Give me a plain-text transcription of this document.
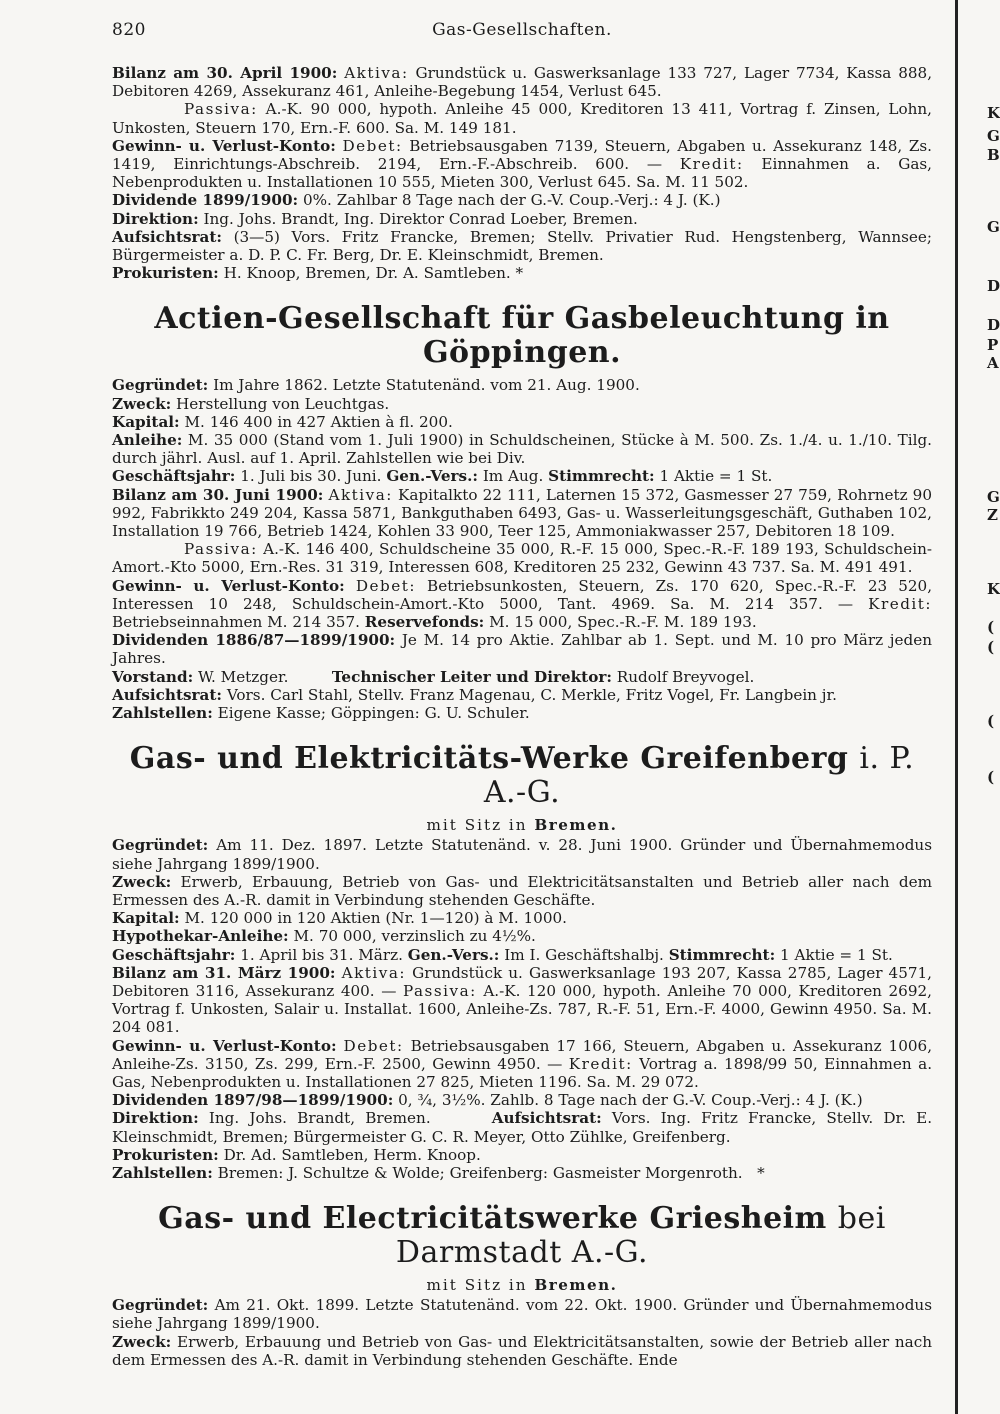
820	Gas-Gesellschaften.
K
G
B
G
D
D
P
A
G
Z
K
(
(
(
(

Bilanz am 30. April 1900: Aktiva: Grundstück u. Gaswerksanlage 133 727, Lager 7734, Kassa 888, Debitoren 4269, Assekuranz 461, Anleihe-Begebung 1454, Verlust 645.

Passiva: A.-K. 90 000, hypoth. Anleihe 45 000, Kreditoren 13 411, Vortrag f. Zinsen, Lohn, Unkosten, Steuern 170, Ern.-F. 600. Sa. M. 149 181.

Gewinn- u. Verlust-Konto: Debet: Betriebsausgaben 7139, Steuern, Abgaben u. Assekuranz 148, Zs. 1419, Einrichtungs-Abschreib. 2194, Ern.-F.-Abschreib. 600. — Kredit: Einnahmen a. Gas, Nebenprodukten u. Installationen 10 555, Mieten 300, Verlust 645. Sa. M. 11 502.

Dividende 1899/1900: 0%. Zahlbar 8 Tage nach der G.-V. Coup.-Verj.: 4 J. (K.)

Direktion: Ing. Johs. Brandt, Ing. Direktor Conrad Loeber, Bremen.

Aufsichtsrat: (3—5) Vors. Fritz Francke, Bremen; Stellv. Privatier Rud. Hengstenberg, Wannsee; Bürgermeister a. D. P. C. Fr. Berg, Dr. E. Kleinschmidt, Bremen.

Prokuristen: H. Knoop, Bremen, Dr. A. Samtleben. *

Actien-Gesellschaft für Gasbeleuchtung in Göppingen.

Gegründet: Im Jahre 1862. Letzte Statutenänd. vom 21. Aug. 1900.

Zweck: Herstellung von Leuchtgas.

Kapital: M. 146 400 in 427 Aktien à fl. 200.

Anleihe: M. 35 000 (Stand vom 1. Juli 1900) in Schuldscheinen, Stücke à M. 500. Zs. 1./4. u. 1./10. Tilg. durch jährl. Ausl. auf 1. April. Zahlstellen wie bei Div.

Geschäftsjahr: 1. Juli bis 30. Juni. Gen.-Vers.: Im Aug. Stimmrecht: 1 Aktie = 1 St.

Bilanz am 30. Juni 1900: Aktiva: Kapitalkto 22 111, Laternen 15 372, Gasmesser 27 759, Rohrnetz 90 992, Fabrikkto 249 204, Kassa 5871, Bankguthaben 6493, Gas- u. Wasserleitungsgeschäft, Guthaben 102, Installation 19 766, Betrieb 1424, Kohlen 33 900, Teer 125, Ammoniakwasser 257, Debitoren 18 109.

Passiva: A.-K. 146 400, Schuldscheine 35 000, R.-F. 15 000, Spec.-R.-F. 189 193, Schuldschein-Amort.-Kto 5000, Ern.-Res. 31 319, Interessen 608, Kreditoren 25 232, Gewinn 43 737. Sa. M. 491 491.

Gewinn- u. Verlust-Konto: Debet: Betriebsunkosten, Steuern, Zs. 170 620, Spec.-R.-F. 23 520, Interessen 10 248, Schuldschein-Amort.-Kto 5000, Tant. 4969. Sa. M. 214 357. — Kredit: Betriebseinnahmen M. 214 357. Reservefonds: M. 15 000, Spec.-R.-F. M. 189 193.

Dividenden 1886/87—1899/1900: Je M. 14 pro Aktie. Zahlbar ab 1. Sept. und M. 10 pro März jeden Jahres.

Vorstand: W. Metzger.	Technischer Leiter und Direktor: Rudolf Breyvogel.

Aufsichtsrat: Vors. Carl Stahl, Stellv. Franz Magenau, C. Merkle, Fritz Vogel, Fr. Langbein jr.

Zahlstellen: Eigene Kasse; Göppingen: G. U. Schuler.

Gas- und Elektricitäts-Werke Greifenberg i. P. A.-G.
mit Sitz in Bremen.

Gegründet: Am 11. Dez. 1897. Letzte Statutenänd. v. 28. Juni 1900. Gründer und Übernahmemodus siehe Jahrgang 1899/1900.

Zweck: Erwerb, Erbauung, Betrieb von Gas- und Elektricitätsanstalten und Betrieb aller nach dem Ermessen des A.-R. damit in Verbindung stehenden Geschäfte.

Kapital: M. 120 000 in 120 Aktien (Nr. 1—120) à M. 1000.

Hypothekar-Anleihe: M. 70 000, verzinslich zu 4½%.

Geschäftsjahr: 1. April bis 31. März. Gen.-Vers.: Im I. Geschäftshalbj. Stimmrecht: 1 Aktie = 1 St.

Bilanz am 31. März 1900: Aktiva: Grundstück u. Gaswerksanlage 193 207, Kassa 2785, Lager 4571, Debitoren 3116, Assekuranz 400. — Passiva: A.-K. 120 000, hypoth. Anleihe 70 000, Kreditoren 2692, Vortrag f. Unkosten, Salair u. Installat. 1600, Anleihe-Zs. 787, R.-F. 51, Ern.-F. 4000, Gewinn 4950. Sa. M. 204 081.

Gewinn- u. Verlust-Konto: Debet: Betriebsausgaben 17 166, Steuern, Abgaben u. Assekuranz 1006, Anleihe-Zs. 3150, Zs. 299, Ern.-F. 2500, Gewinn 4950. — Kredit: Vortrag a. 1898/99 50, Einnahmen a. Gas, Nebenprodukten u. Installationen 27 825, Mieten 1196. Sa. M. 29 072.

Dividenden 1897/98—1899/1900: 0, ¾, 3½%. Zahlb. 8 Tage nach der G.-V. Coup.-Verj.: 4 J. (K.)

Direktion: Ing. Johs. Brandt, Bremen.	Aufsichtsrat: Vors. Ing. Fritz Francke, Stellv. Dr. E. Kleinschmidt, Bremen; Bürgermeister G. C. R. Meyer, Otto Zühlke, Greifenberg.

Prokuristen: Dr. Ad. Samtleben, Herm. Knoop.

Zahlstellen: Bremen: J. Schultze & Wolde; Greifenberg: Gasmeister Morgenroth. *

Gas- und Electricitätswerke Griesheim bei Darmstadt A.-G.
mit Sitz in Bremen.

Gegründet: Am 21. Okt. 1899. Letzte Statutenänd. vom 22. Okt. 1900. Gründer und Übernahmemodus siehe Jahrgang 1899/1900.

Zweck: Erwerb, Erbauung und Betrieb von Gas- und Elektricitätsanstalten, sowie der Betrieb aller nach dem Ermessen des A.-R. damit in Verbindung stehenden Geschäfte. Ende
